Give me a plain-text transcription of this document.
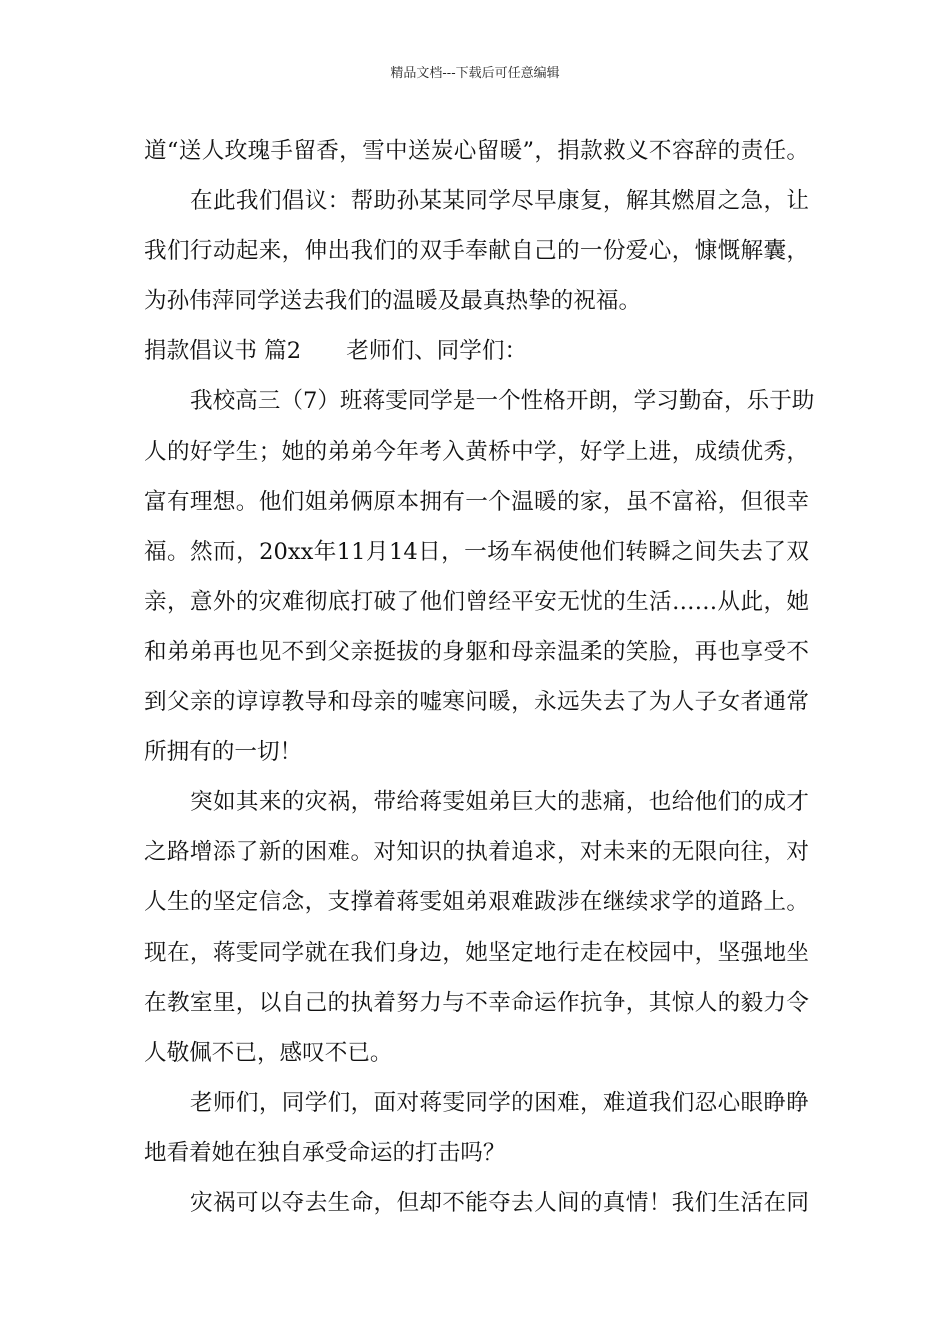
精品文档---下载后可任意编辑
道“送人玫瑰手留香，雪中送炭心留暖”，捐款救义不容辞的责任。
在此我们倡议：帮助孙某某同学尽早康复，解其燃眉之急，让
我们行动起来，伸出我们的双手奉献自己的一份爱心，慷慨解囊，
为孙伟萍同学送去我们的温暖及最真热挚的祝福。
捐款倡议书 篇2　　老师们、同学们：
我校高三（7）班蒋雯同学是一个性格开朗，学习勤奋，乐于助
人的好学生；她的弟弟今年考入黄桥中学，好学上进，成绩优秀，
富有理想。他们姐弟俩原本拥有一个温暖的家，虽不富裕，但很幸
福。然而，20xx年11月14日，一场车祸使他们转瞬之间失去了双
亲，意外的灾难彻底打破了他们曾经平安无忧的生活……从此，她
和弟弟再也见不到父亲挺拔的身躯和母亲温柔的笑脸，再也享受不
到父亲的谆谆教导和母亲的嘘寒问暖，永远失去了为人子女者通常
所拥有的一切！
突如其来的灾祸，带给蒋雯姐弟巨大的悲痛，也给他们的成才
之路增添了新的困难。对知识的执着追求，对未来的无限向往，对
人生的坚定信念，支撑着蒋雯姐弟艰难跋涉在继续求学的道路上。
现在，蒋雯同学就在我们身边，她坚定地行走在校园中，坚强地坐
在教室里，以自己的执着努力与不幸命运作抗争，其惊人的毅力令
人敬佩不已，感叹不已。
老师们，同学们，面对蒋雯同学的困难，难道我们忍心眼睁睁
地看着她在独自承受命运的打击吗？
灾祸可以夺去生命，但却不能夺去人间的真情！我们生活在同
